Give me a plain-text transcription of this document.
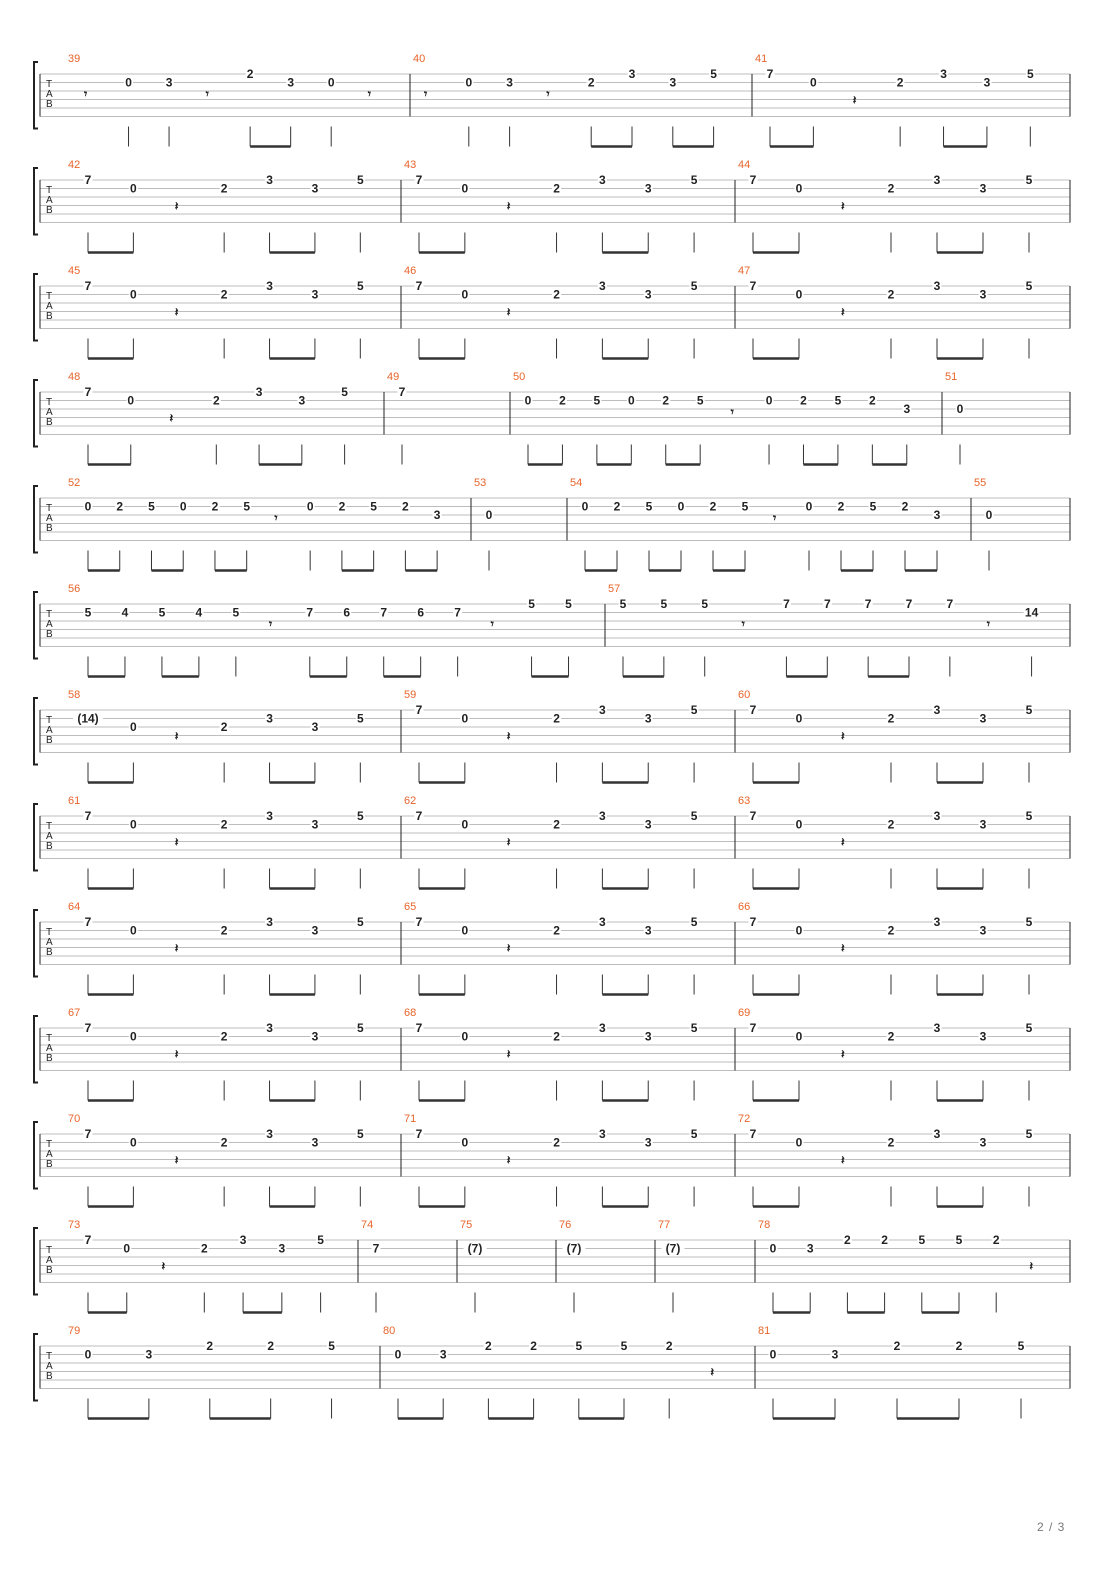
T
A
B
39
𝄾
0	3
𝄾
2
3	0
𝄾
40
𝄾
0	3
𝄾
2
3
3
5
41
7
0
𝄽
2
3
3
5
T
A
B
42
7
0
𝄽
2
3
3
5
43
7
0
𝄽
2
3
3
5
44
7
0
𝄽
2
3
3
5
T
A
B
45
7
0
𝄽
2
3
3
5
46
7
0
𝄽
2
3
3
5
47
7
0
𝄽
2
3
3
5
T
A
B
48
7
0
𝄽
2
3
3
5
49
7
50
0 2 5 0 2 5
𝄾
0 2 5 2
3
51
0
T
A
B
52
0 2 5 0 2 5
𝄾
0 2 5 2
3
53
0
54
0 2 5 0 2 5
𝄾
0 2 5 2
3
55
0
T
A
B
56
5	4	5	4	5
𝄾
7	6	7	6	7
𝄾
5	5
57
5	5	5
𝄾
7	7	7	7	7
𝄾
14
T
A
B
58
(14)
0
𝄽
2
3
3
5
59
7
0
𝄽
2
3
3
5
60
7
0
𝄽
2
3
3
5
T
A
B
61
7
0
𝄽
2
3
3
5
62
7
0
𝄽
2
3
3
5
63
7
0
𝄽
2
3
3
5
T
A
B
64
7
0
𝄽
2
3
3
5
65
7
0
𝄽
2
3
3
5
66
7
0
𝄽
2
3
3
5
T
A
B
67
7
0
𝄽
2
3
3
5
68
7
0
𝄽
2
3
3
5
69
7
0
𝄽
2
3
3
5
T
A
B
70
7
0
𝄽
2
3
3
5
71
7
0
𝄽
2
3
3
5
72
7
0
𝄽
2
3
3
5
T
A
B
73
7
0
𝄽
2
3
3
5
74
7
75
(7)
76
(7)
77
(7)
78
0	3
2	2	5	5	2
𝄽
T
A
B
79
0	3
2	2	5
80
0	3
2	2	5	5	2
𝄽
81
0	3
2	2	5
2 / 3
